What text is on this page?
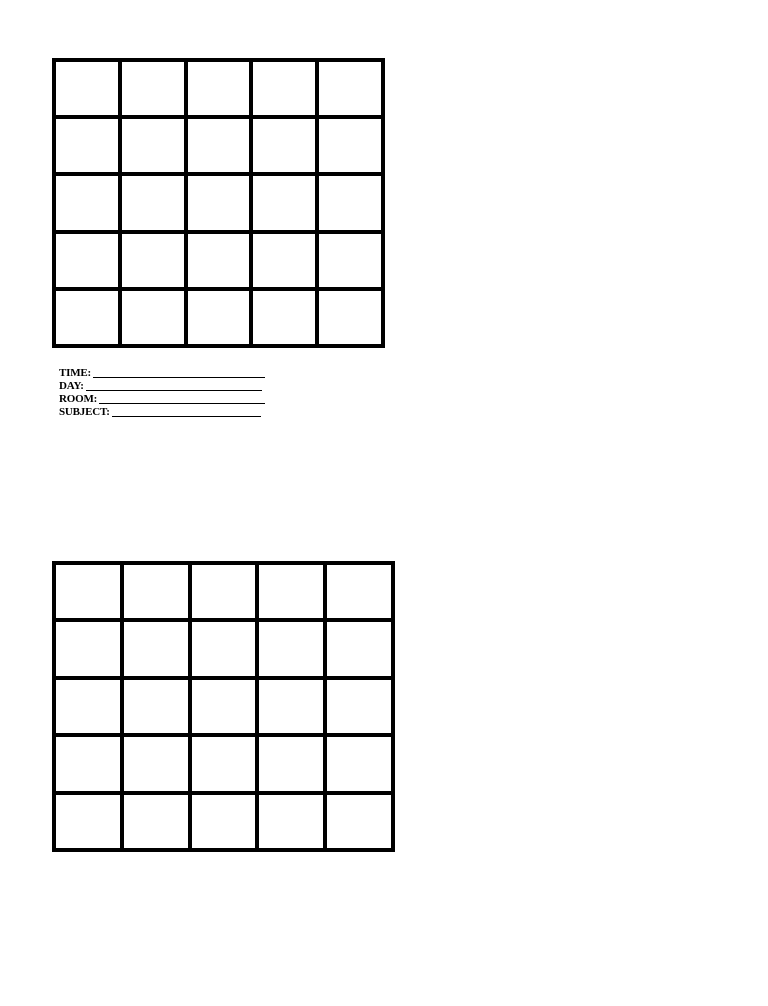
TIME:
DAY:
ROOM:
SUBJECT:
